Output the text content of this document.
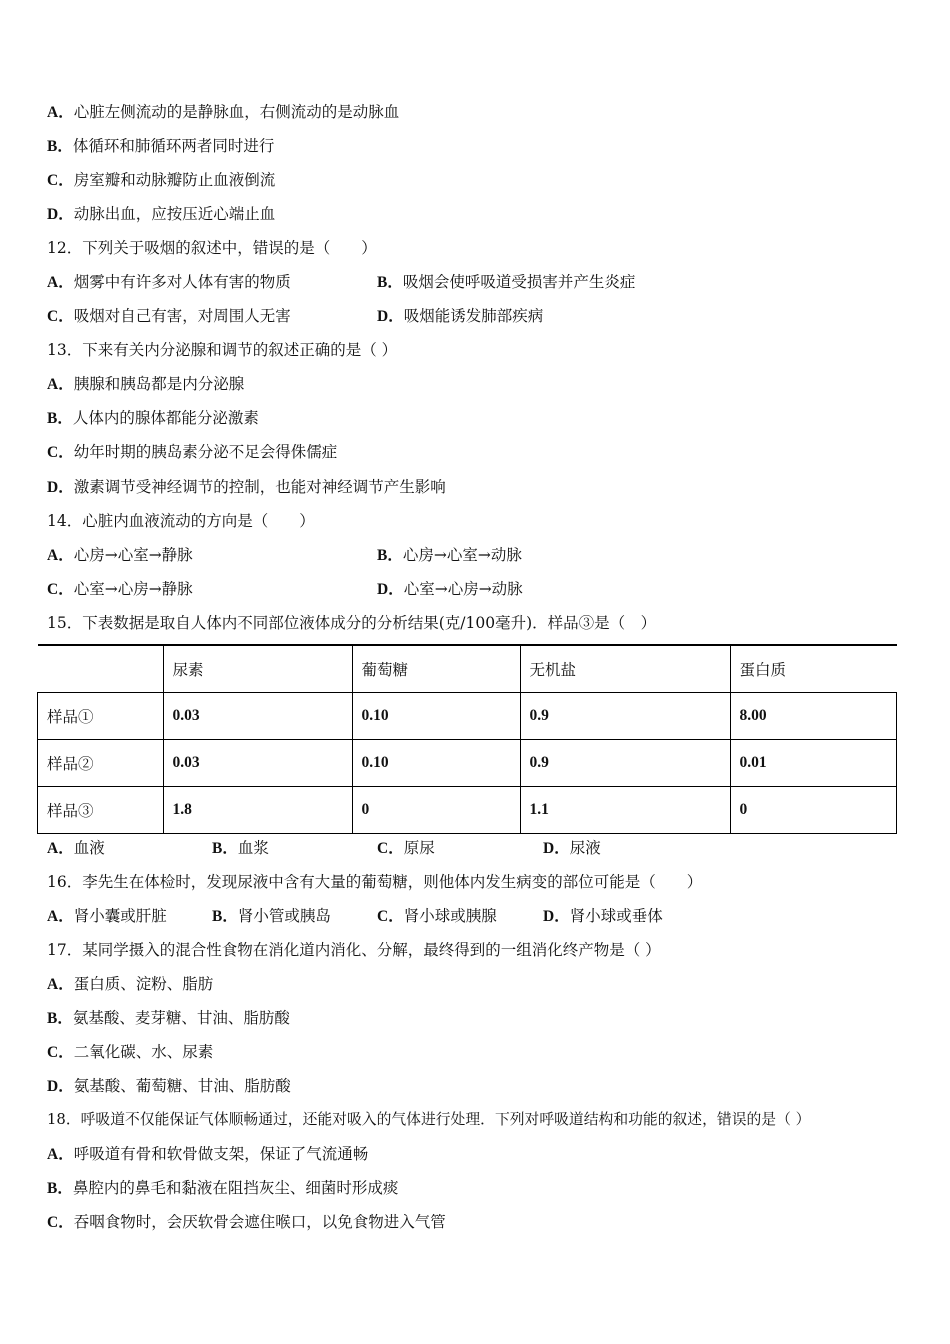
A．心脏左侧流动的是静脉血，右侧流动的是动脉血
B．体循环和肺循环两者同时进行
C．房室瓣和动脉瓣防止血液倒流
D．动脉出血，应按压近心端止血
12．下列关于吸烟的叙述中，错误的是（　　）
A．烟雾中有许多对人体有害的物质	B．吸烟会使呼吸道受损害并产生炎症
C．吸烟对自己有害，对周围人无害	D．吸烟能诱发肺部疾病
13．下来有关内分泌腺和调节的叙述正确的是（ ）
A．胰腺和胰岛都是内分泌腺
B．人体内的腺体都能分泌激素
C．幼年时期的胰岛素分泌不足会得侏儒症
D．激素调节受神经调节的控制，也能对神经调节产生影响
14．心脏内血液流动的方向是（　　）
A．心房→心室→静脉	B．心房→心室→动脉
C．心室→心房→静脉	D．心室→心房→动脉
15．下表数据是取自人体内不同部位液体成分的分析结果(克/100毫升)．样品③是（　）
	尿素	葡萄糖	无机盐	蛋白质
样品①	0.03	0.10	0.9	8.00
样品②	0.03	0.10	0.9	0.01
样品③	1.8	0	1.1	0
A．血液	B．血浆	C．原尿	D．尿液
16．李先生在体检时，发现尿液中含有大量的葡萄糖，则他体内发生病变的部位可能是（　　）
A．肾小囊或肝脏	B．肾小管或胰岛	C．肾小球或胰腺	D．肾小球或垂体
17．某同学摄入的混合性食物在消化道内消化、分解，最终得到的一组消化终产物是（ ）
A．蛋白质、淀粉、脂肪
B．氨基酸、麦芽糖、甘油、脂肪酸
C．二氧化碳、水、尿素
D．氨基酸、葡萄糖、甘油、脂肪酸
18．呼吸道不仅能保证气体顺畅通过，还能对吸入的气体进行处理．下列对呼吸道结构和功能的叙述，错误的是（ ）
A．呼吸道有骨和软骨做支架，保证了气流通畅
B．鼻腔内的鼻毛和黏液在阻挡灰尘、细菌时形成痰
C．吞咽食物时，会厌软骨会遮住喉口，以免食物进入气管
